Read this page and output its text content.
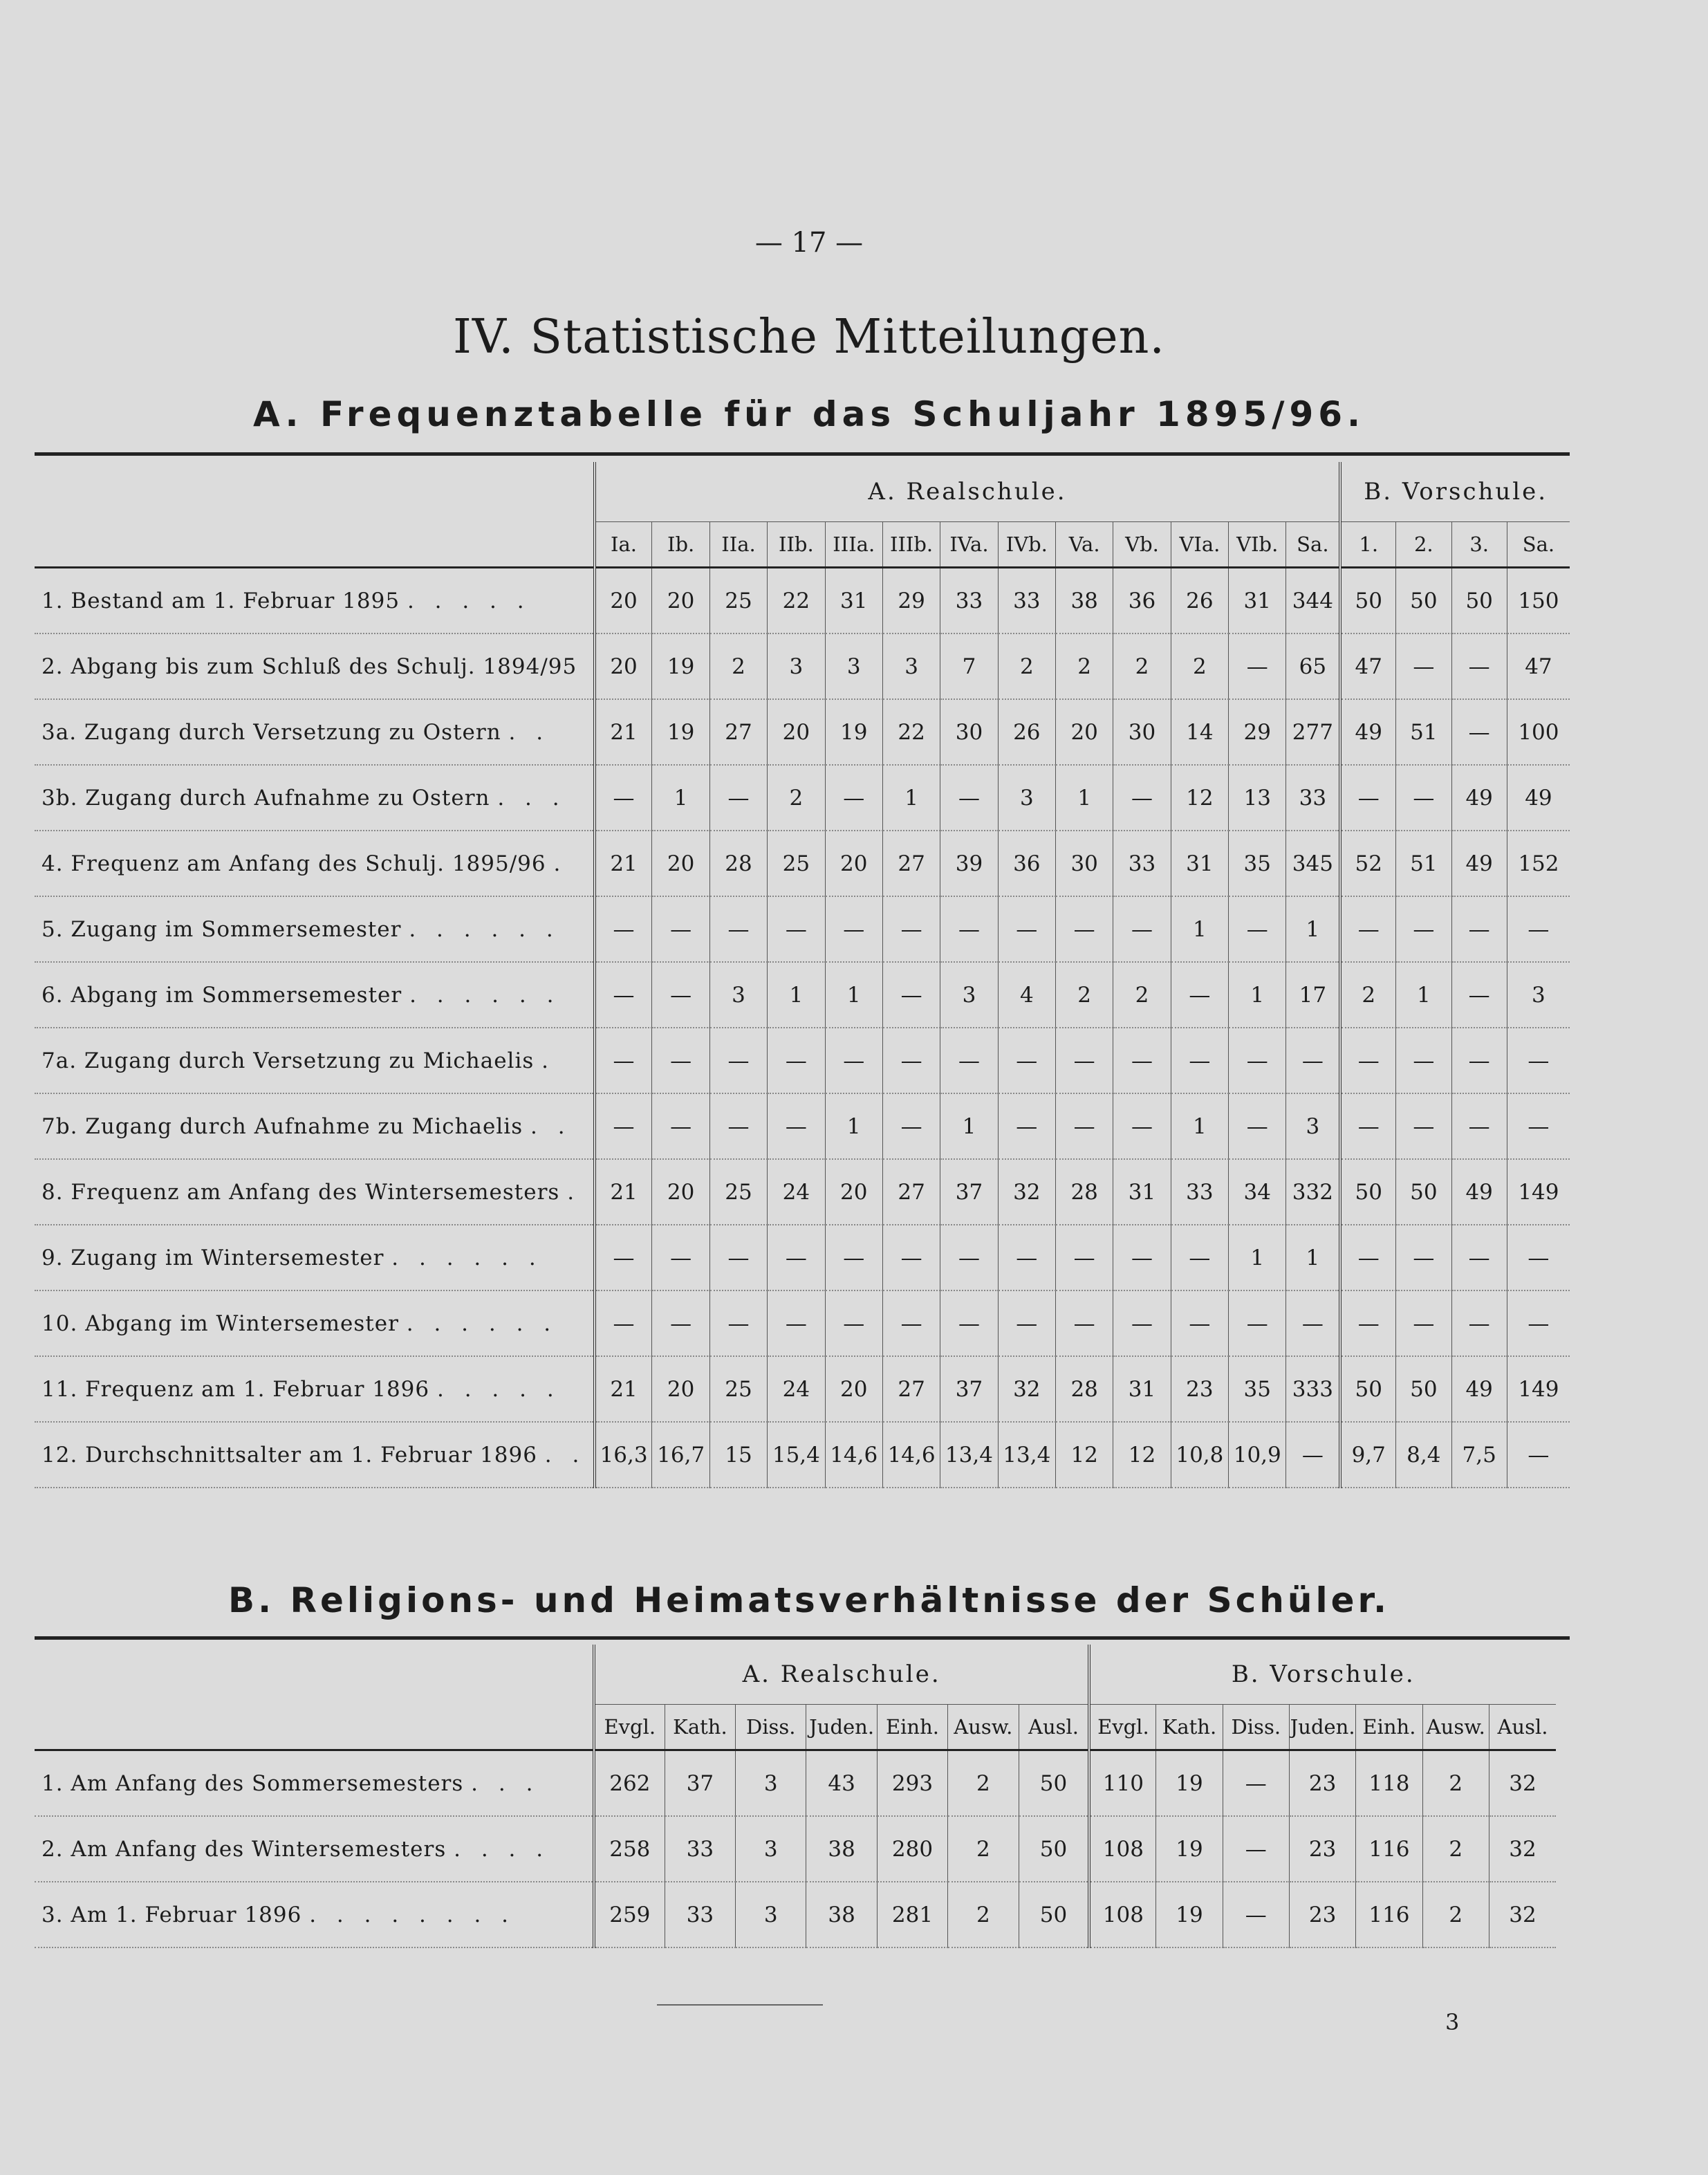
— 17 —
IV. Statistische Mitteilungen.
A. Frequenztabelle für das Schuljahr 1895/96.
	A. Realschule.													B. Vorschule.			
	Ia.	Ib.	IIa.	IIb.	IIIa.	IIIb.	IVa.	IVb.	Va.	Vb.	VIa.	VIb.	Sa.	1.	2.	3.	Sa.
1. Bestand am 1. Februar 1895 . . . . .	20	20	25	22	31	29	33	33	38	36	26	31	344	50	50	50	150
2. Abgang bis zum Schluß des Schulj. 1894/95	20	19	2	3	3	3	7	2	2	2	2	—	65	47	—	—	47
3a. Zugang durch Versetzung zu Ostern . .	21	19	27	20	19	22	30	26	20	30	14	29	277	49	51	—	100
3b. Zugang durch Aufnahme zu Ostern . . .	—	1	—	2	—	1	—	3	1	—	12	13	33	—	—	49	49
4. Frequenz am Anfang des Schulj. 1895/96 .	21	20	28	25	20	27	39	36	30	33	31	35	345	52	51	49	152
5. Zugang im Sommersemester . . . . . .	—	—	—	—	—	—	—	—	—	—	1	—	1	—	—	—	—
6. Abgang im Sommersemester . . . . . .	—	—	3	1	1	—	3	4	2	2	—	1	17	2	1	—	3
7a. Zugang durch Versetzung zu Michaelis .	—	—	—	—	—	—	—	—	—	—	—	—	—	—	—	—	—
7b. Zugang durch Aufnahme zu Michaelis . .	—	—	—	—	1	—	1	—	—	—	1	—	3	—	—	—	—
8. Frequenz am Anfang des Wintersemesters .	21	20	25	24	20	27	37	32	28	31	33	34	332	50	50	49	149
9. Zugang im Wintersemester . . . . . .	—	—	—	—	—	—	—	—	—	—	—	1	1	—	—	—	—
10. Abgang im Wintersemester . . . . . .	—	—	—	—	—	—	—	—	—	—	—	—	—	—	—	—	—
11. Frequenz am 1. Februar 1896 . . . . .	21	20	25	24	20	27	37	32	28	31	23	35	333	50	50	49	149
12. Durchschnittsalter am 1. Februar 1896 . .	16,3	16,7	15	15,4	14,6	14,6	13,4	13,4	12	12	10,8	10,9	—	9,7	8,4	7,5	—
B. Religions- und Heimatsverhältnisse der Schüler.
	A. Realschule.							B. Vorschule.						
	Evgl.	Kath.	Diss.	Juden.	Einh.	Ausw.	Ausl.	Evgl.	Kath.	Diss.	Juden.	Einh.	Ausw.	Ausl.
1. Am Anfang des Sommersemesters . . .	262	37	3	43	293	2	50	110	19	—	23	118	2	32
2. Am Anfang des Wintersemesters . . . .	258	33	3	38	280	2	50	108	19	—	23	116	2	32
3. Am 1. Februar 1896 . . . . . . . .	259	33	3	38	281	2	50	108	19	—	23	116	2	32
3
